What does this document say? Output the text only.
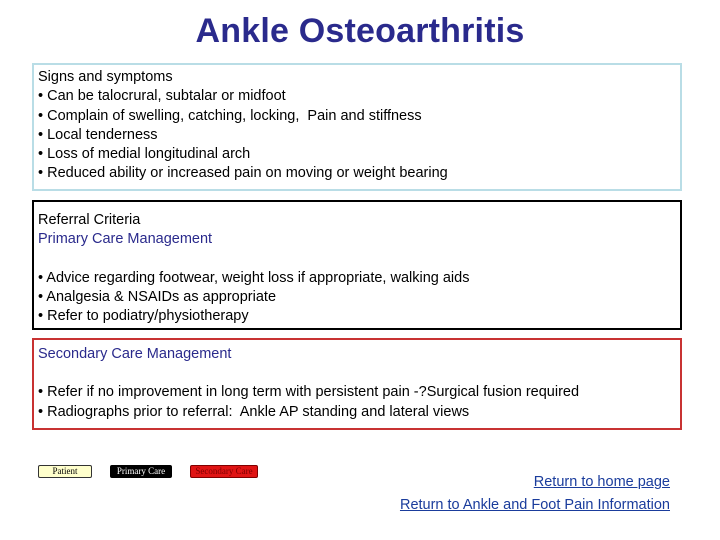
Ankle Osteoarthritis
Signs and symptoms
• Can be talocrural, subtalar or midfoot
• Complain of swelling, catching, locking,  Pain and stiffness
• Local tenderness
• Loss of medial longitudinal arch
• Reduced ability or increased pain on moving or weight bearing
Referral Criteria
Primary Care Management
• Advice regarding footwear, weight loss if appropriate, walking aids
• Analgesia & NSAIDs as appropriate
• Refer to podiatry/physiotherapy
Secondary Care Management
• Refer if no improvement in long term with persistent pain -?Surgical fusion required
• Radiographs prior to referral:  Ankle AP standing and lateral views
Patient	Primary Care	Secondary Care
Return to home page
Return to Ankle and Foot Pain Information
